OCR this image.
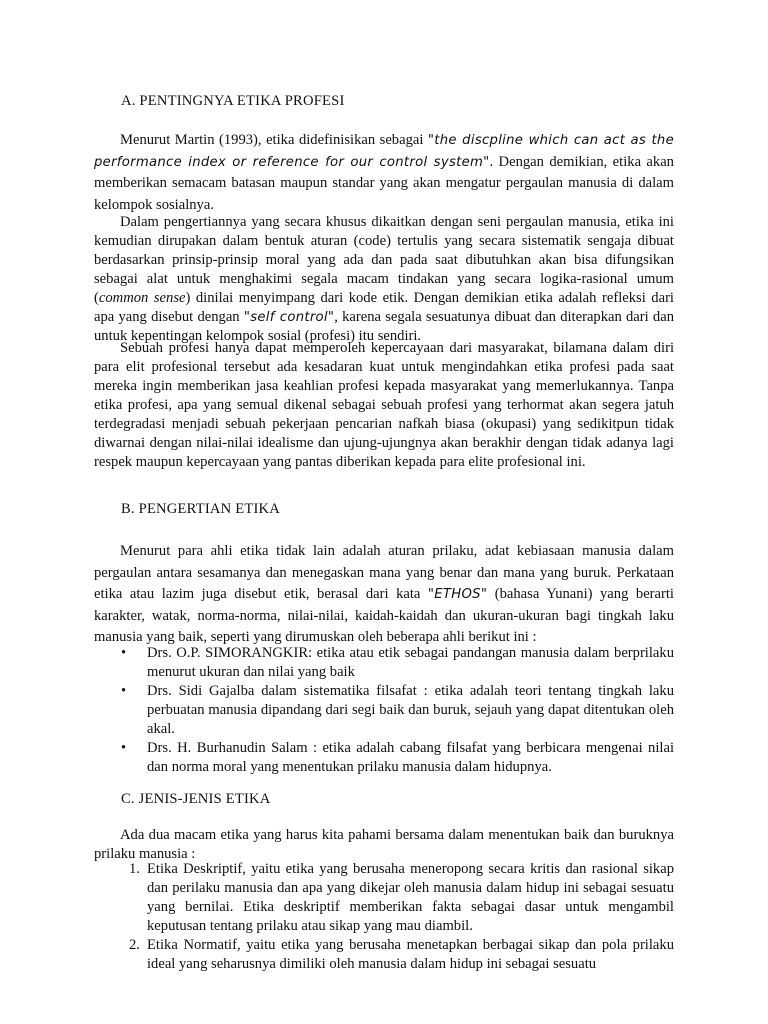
A. PENTINGNYA ETIKA PROFESI

Menurut Martin (1993), etika didefinisikan sebagai "the discpline which can act as the performance index or reference for our control system". Dengan demikian, etika akan memberikan semacam batasan maupun standar yang akan mengatur pergaulan manusia di dalam kelompok sosialnya.

Dalam pengertiannya yang secara khusus dikaitkan dengan seni pergaulan manusia, etika ini kemudian dirupakan dalam bentuk aturan (code) tertulis yang secara sistematik sengaja dibuat berdasarkan prinsip-prinsip moral yang ada dan pada saat dibutuhkan akan bisa difungsikan sebagai alat untuk menghakimi segala macam tindakan yang secara logika-rasional umum (common sense) dinilai menyimpang dari kode etik. Dengan demikian etika adalah refleksi dari apa yang disebut dengan "self control", karena segala sesuatunya dibuat dan diterapkan dari dan untuk kepentingan kelompok sosial (profesi) itu sendiri.

Sebuah profesi hanya dapat memperoleh kepercayaan dari masyarakat, bilamana dalam diri para elit profesional tersebut ada kesadaran kuat untuk mengindahkan etika profesi pada saat mereka ingin memberikan jasa keahlian profesi kepada masyarakat yang memerlukannya. Tanpa etika profesi, apa yang semual dikenal sebagai sebuah profesi yang terhormat akan segera jatuh terdegradasi menjadi sebuah pekerjaan pencarian nafkah biasa (okupasi) yang sedikitpun tidak diwarnai dengan nilai-nilai idealisme dan ujung-ujungnya akan berakhir dengan tidak adanya lagi respek maupun kepercayaan yang pantas diberikan kepada para elite profesional ini.

B. PENGERTIAN ETIKA

Menurut para ahli etika tidak lain adalah aturan prilaku, adat kebiasaan manusia dalam pergaulan antara sesamanya dan menegaskan mana yang benar dan mana yang buruk. Perkataan etika atau lazim juga disebut etik, berasal dari kata "ETHOS" (bahasa Yunani) yang berarti karakter, watak, norma-norma, nilai-nilai, kaidah-kaidah dan ukuran-ukuran bagi tingkah laku manusia yang baik, seperti yang dirumuskan oleh beberapa ahli berikut ini :

• Drs. O.P. SIMORANGKIR: etika atau etik sebagai pandangan manusia dalam berprilaku menurut ukuran dan nilai yang baik
• Drs. Sidi Gajalba dalam sistematika filsafat : etika adalah teori tentang tingkah laku perbuatan manusia dipandang dari segi baik dan buruk, sejauh yang dapat ditentukan oleh akal.
• Drs. H. Burhanudin Salam : etika adalah cabang filsafat yang berbicara mengenai nilai dan norma moral yang menentukan prilaku manusia dalam hidupnya.
C. JENIS-JENIS ETIKA

Ada dua macam etika yang harus kita pahami bersama dalam menentukan baik dan buruknya prilaku manusia :

1. Etika Deskriptif, yaitu etika yang berusaha meneropong secara kritis dan rasional sikap dan perilaku manusia dan apa yang dikejar oleh manusia dalam hidup ini sebagai sesuatu yang bernilai. Etika deskriptif memberikan fakta sebagai dasar untuk mengambil keputusan tentang prilaku atau sikap yang mau diambil.
2. Etika Normatif, yaitu etika yang berusaha menetapkan berbagai sikap dan pola prilaku ideal yang seharusnya dimiliki oleh manusia dalam hidup ini sebagai sesuatu
